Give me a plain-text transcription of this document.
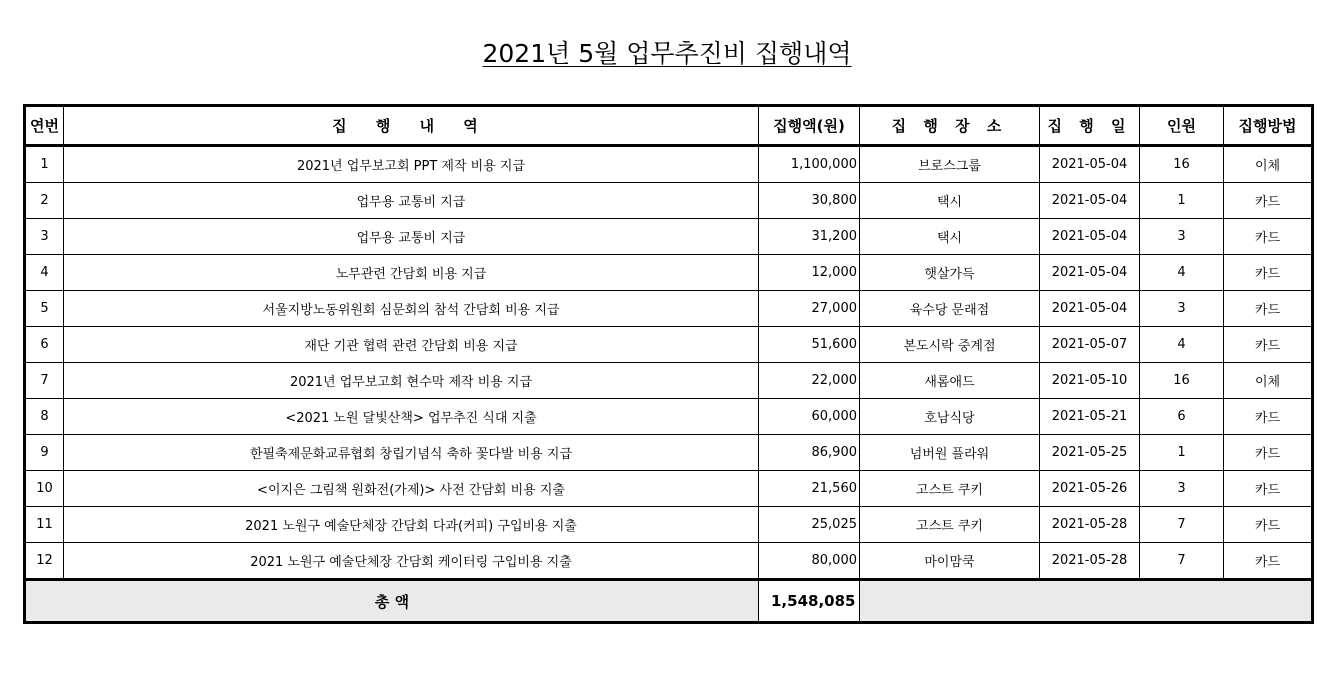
2021년 5월 업무추진비 집행내역
연번	집 행 내 역	집행액(원)	집 행 장 소	집 행 일	인원	집행방법
1	2021년 업무보고회 PPT 제작 비용 지급	1,100,000	브로스그룹	2021-05-04	16	이체
2	업무용 교통비 지급	30,800	택시	2021-05-04	1	카드
3	업무용 교통비 지급	31,200	택시	2021-05-04	3	카드
4	노무관련 간담회 비용 지급	12,000	햇살가득	2021-05-04	4	카드
5	서울지방노동위원회 심문회의 참석 간담회 비용 지급	27,000	육수당 문래점	2021-05-04	3	카드
6	재단 기관 협력 관련 간담회 비용 지급	51,600	본도시락 중계점	2021-05-07	4	카드
7	2021년 업무보고회 현수막 제작 비용 지급	22,000	새롬애드	2021-05-10	16	이체
8	<2021 노원 달빛산책> 업무추진 식대 지출	60,000	호남식당	2021-05-21	6	카드
9	한필축제문화교류협회 창립기념식 축하 꽃다발 비용 지급	86,900	넘버원 플라워	2021-05-25	1	카드
10	<이지은 그림책 원화전(가제)> 사전 간담회 비용 지출	21,560	고스트 쿠키	2021-05-26	3	카드
11	2021 노원구 예술단체장 간담회 다과(커피) 구입비용 지출	25,025	고스트 쿠키	2021-05-28	7	카드
12	2021 노원구 예술단체장 간담회 케이터링 구입비용 지출	80,000	마이맘쿡	2021-05-28	7	카드
총 액		1,548,085				
